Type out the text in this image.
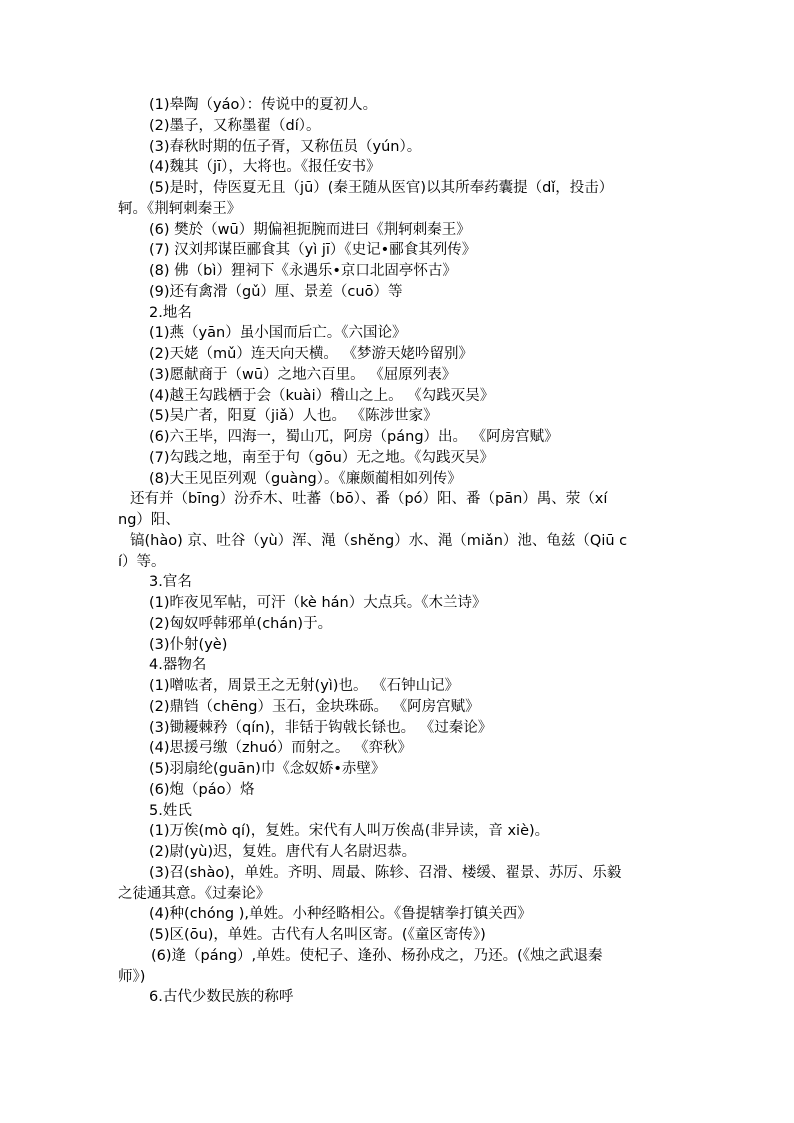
(1)皋陶（yáo）：传说中的夏初人。
(2)墨子，又称墨翟（dí）。
(3)春秋时期的伍子胥，又称伍员（yún）。
(4)魏其（jī），大将也。《报任安书》
(5)是时，侍医夏无且（jū）(秦王随从医官)以其所奉药囊提（dǐ，投击）
轲。《荆轲刺秦王》
(6) 樊於（wū）期偏袒扼腕而进曰《荆轲刺秦王》
(7) 汉刘邦谋臣郦食其（yì jī）《史记•郦食其列传》
(8) 佛（bì）狸祠下《永遇乐•京口北固亭怀古》
(9)还有禽滑（gǔ）厘、景差（cuō）等
2.地名
(1)燕（yān）虽小国而后亡。《六国论》
(2)天姥（mǔ）连天向天横。 《梦游天姥吟留别》
(3)愿献商于（wū）之地六百里。 《屈原列表》
(4)越王勾践栖于会（kuài）稽山之上。 《勾践灭吴》
(5)吴广者，阳夏（jiǎ）人也。 《陈涉世家》
(6)六王毕，四海一，蜀山兀，阿房（páng）出。 《阿房宫赋》
(7)勾践之地，南至于句（gōu）无之地。《勾践灭吴》
(8)大王见臣列观（guàng）。《廉颇蔺相如列传》
还有并（bīng）汾乔木、吐蕃（bō）、番（pó）阳、番（pān）禺、荥（xí
ng）阳、
镐(hào) 京、吐谷（yù）浑、渑（shěng）水、渑（miǎn）池、龟兹（Qiū c
í）等。
3.官名
(1)昨夜见军帖，可汗（kè hán）大点兵。《木兰诗》
(2)匈奴呼韩邪单(chán)于。
(3)仆射(yè)
4.器物名
(1)噌吰者，周景王之无射(yì)也。 《石钟山记》
(2)鼎铛（chēng）玉石，金块珠砾。 《阿房宫赋》
(3)锄耰棘矜（qín)，非铦于钩戟长铩也。 《过秦论》
(4)思援弓缴（zhuó）而射之。 《弈秋》
(5)羽扇纶(guān)巾《念奴娇•赤壁》
(6)炮（páo）烙
5.姓氏
(1)万俟(mò qí)，复姓。宋代有人叫万俟卨(非异读，音 xiè)。
(2)尉(yù)迟，复姓。唐代有人名尉迟恭。
(3)召(shào)，单姓。齐明、周最、陈轸、召滑、楼缓、翟景、苏厉、乐毅
之徒通其意。《过秦论》
(4)种(chóng ),单姓。小种经略相公。《鲁提辖拳打镇关西》
(5)区(ōu)，单姓。古代有人名叫区寄。(《童区寄传》)
(6)逄（páng）,单姓。使杞子、逢孙、杨孙戍之，乃还。(《烛之武退秦
师》)
6.古代少数民族的称呼
